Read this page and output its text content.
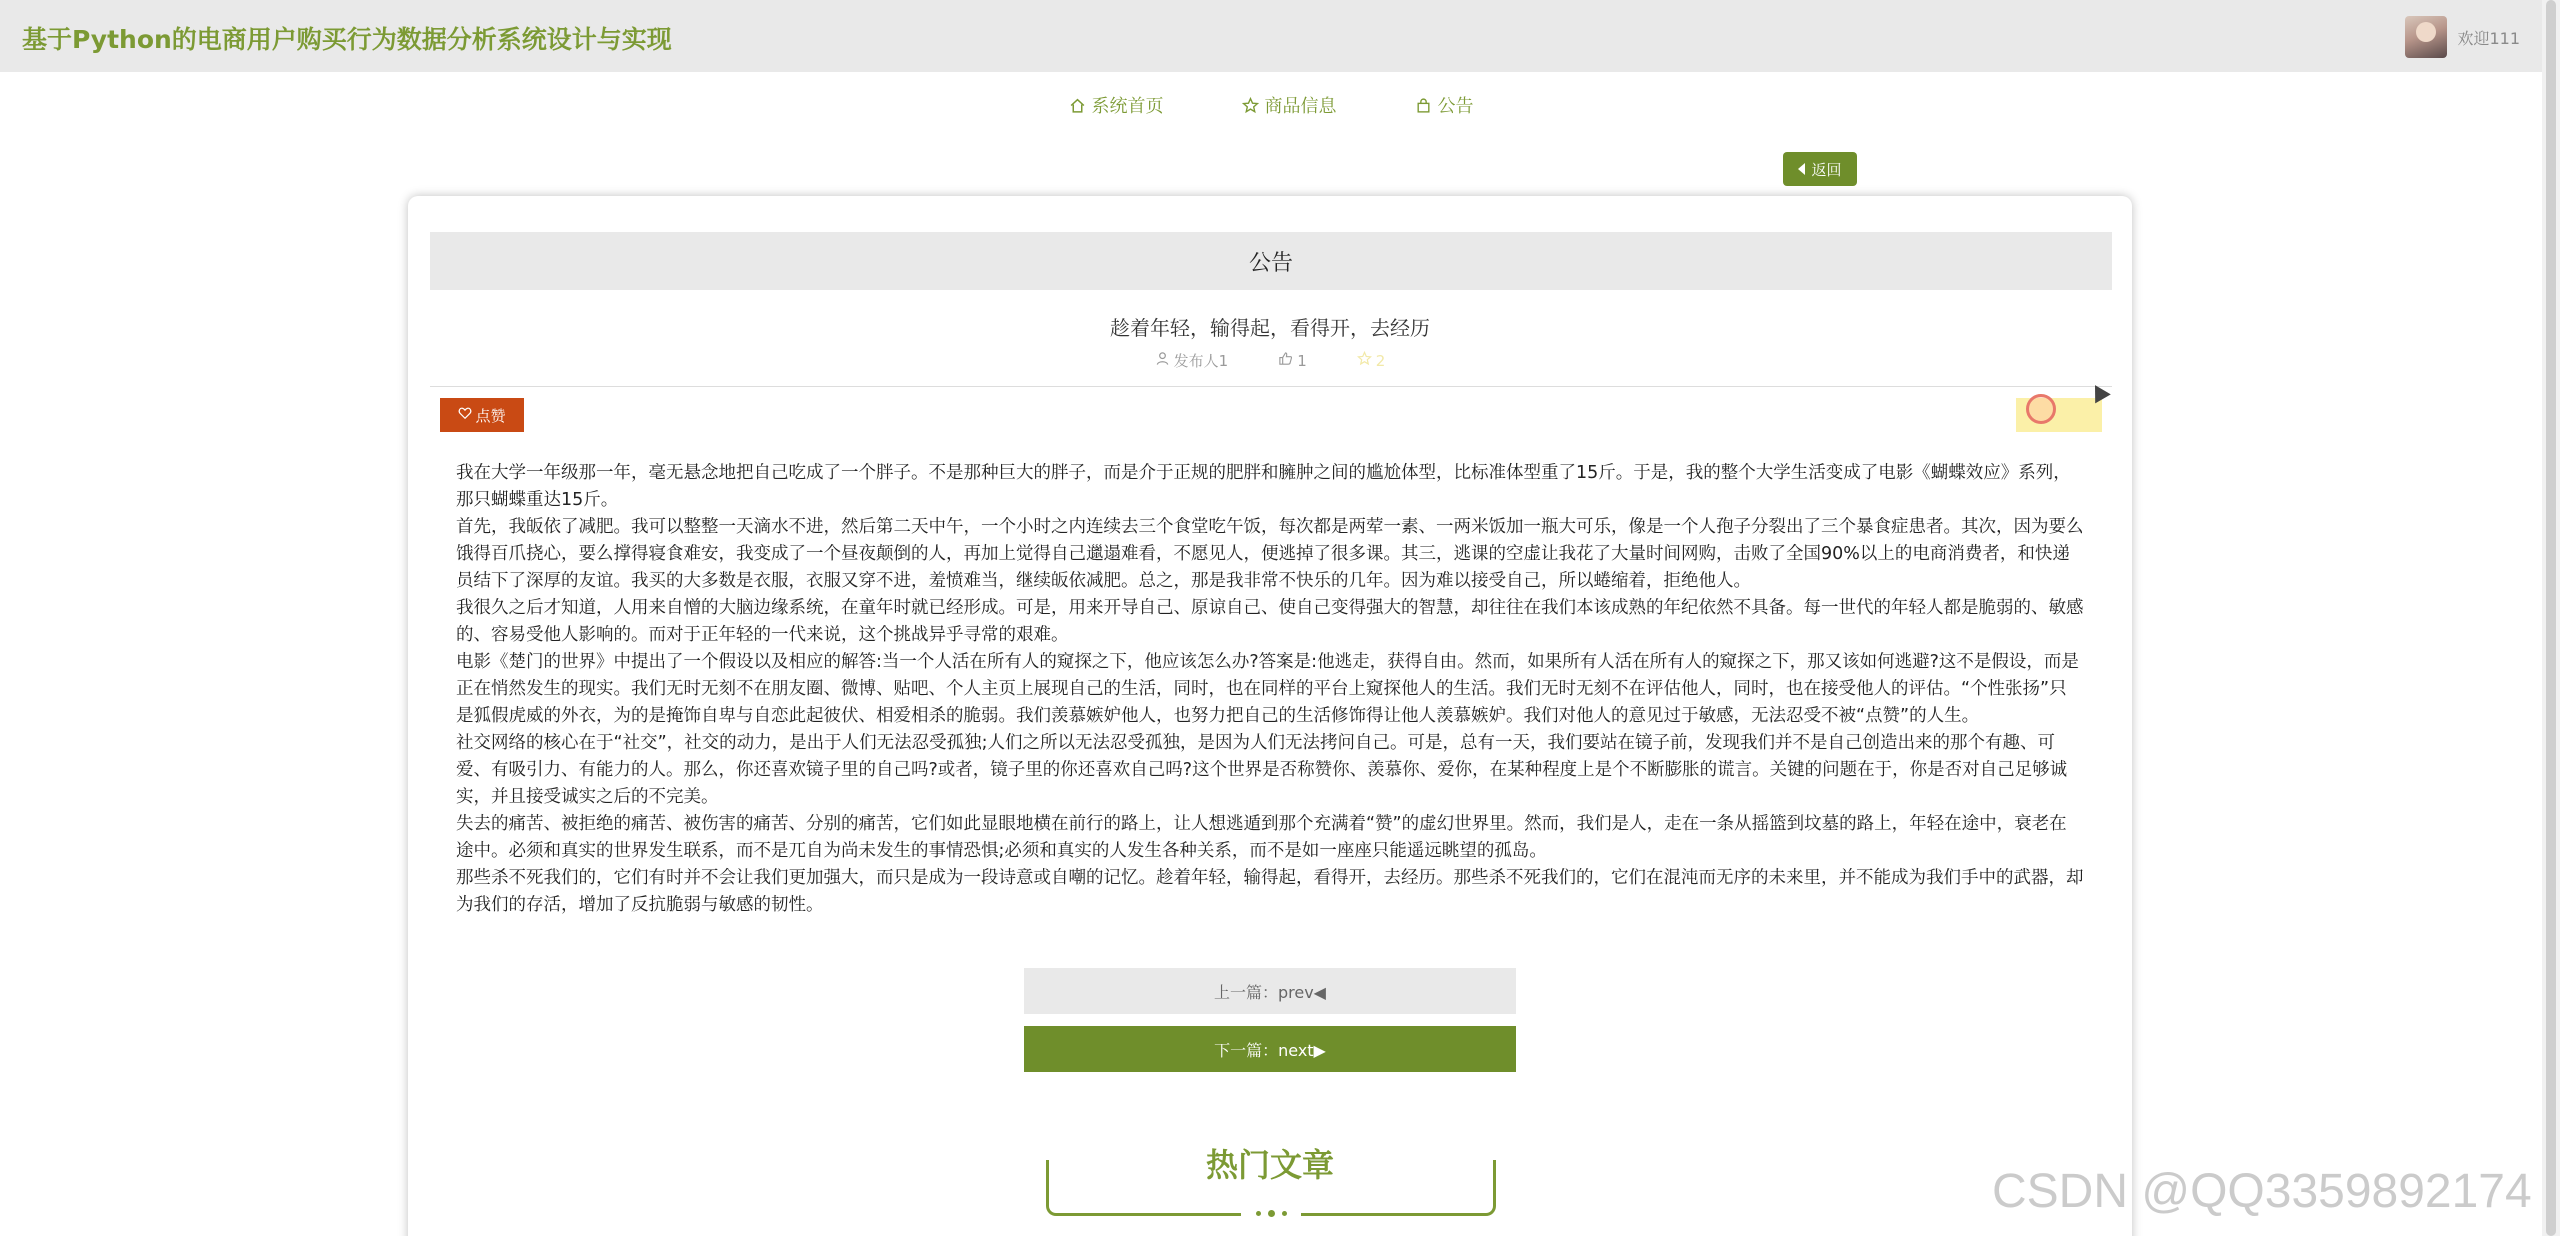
基于Python的电商用户购买行为数据分析系统设计与实现	欢迎111
系统首页	商品信息	公告
返回
公告
趁着年轻，输得起，看得开，去经历
发布人1	1	2
点赞

我在大学一年级那一年，毫无悬念地把自己吃成了一个胖子。不是那种巨大的胖子，而是介于正规的肥胖和臃肿之间的尴尬体型，比标准体型重了15斤。于是，我的整个大学生活变成了电影《蝴蝶效应》系列，那只蝴蝶重达15斤。

首先，我皈依了减肥。我可以整整一天滴水不进，然后第二天中午，一个小时之内连续去三个食堂吃午饭，每次都是两荤一素、一两米饭加一瓶大可乐，像是一个人孢子分裂出了三个暴食症患者。其次，因为要么饿得百爪挠心，要么撑得寝食难安，我变成了一个昼夜颠倒的人，再加上觉得自己邋遢难看，不愿见人，便逃掉了很多课。其三，逃课的空虚让我花了大量时间网购，击败了全国90%以上的电商消费者，和快递员结下了深厚的友谊。我买的大多数是衣服，衣服又穿不进，羞愤难当，继续皈依减肥。总之，那是我非常不快乐的几年。因为难以接受自己，所以蜷缩着，拒绝他人。

我很久之后才知道，人用来自憎的大脑边缘系统，在童年时就已经形成。可是，用来开导自己、原谅自己、使自己变得强大的智慧，却往往在我们本该成熟的年纪依然不具备。每一世代的年轻人都是脆弱的、敏感的、容易受他人影响的。而对于正年轻的一代来说，这个挑战异乎寻常的艰难。

电影《楚门的世界》中提出了一个假设以及相应的解答:当一个人活在所有人的窥探之下，他应该怎么办?答案是:他逃走，获得自由。然而，如果所有人活在所有人的窥探之下，那又该如何逃避?这不是假设，而是正在悄然发生的现实。我们无时无刻不在朋友圈、微博、贴吧、个人主页上展现自己的生活，同时，也在同样的平台上窥探他人的生活。我们无时无刻不在评估他人，同时，也在接受他人的评估。“个性张扬”只是狐假虎威的外衣，为的是掩饰自卑与自恋此起彼伏、相爱相杀的脆弱。我们羡慕嫉妒他人，也努力把自己的生活修饰得让他人羡慕嫉妒。我们对他人的意见过于敏感，无法忍受不被“点赞”的人生。

社交网络的核心在于“社交”，社交的动力，是出于人们无法忍受孤独;人们之所以无法忍受孤独，是因为人们无法拷问自己。可是，总有一天，我们要站在镜子前，发现我们并不是自己创造出来的那个有趣、可爱、有吸引力、有能力的人。那么，你还喜欢镜子里的自己吗?或者，镜子里的你还喜欢自己吗?这个世界是否称赞你、羡慕你、爱你，在某种程度上是个不断膨胀的谎言。关键的问题在于，你是否对自己足够诚实，并且接受诚实之后的不完美。

失去的痛苦、被拒绝的痛苦、被伤害的痛苦、分别的痛苦，它们如此显眼地横在前行的路上，让人想逃遁到那个充满着“赞”的虚幻世界里。然而，我们是人，走在一条从摇篮到坟墓的路上，年轻在途中，衰老在途中。必须和真实的世界发生联系，而不是兀自为尚未发生的事情恐惧;必须和真实的人发生各种关系，而不是如一座座只能遥远眺望的孤岛。

那些杀不死我们的，它们有时并不会让我们更加强大，而只是成为一段诗意或自嘲的记忆。趁着年轻，输得起，看得开，去经历。那些杀不死我们的，它们在混沌而无序的未来里，并不能成为我们手中的武器，却为我们的存活，增加了反抗脆弱与敏感的韧性。

上一篇：prev◀
下一篇：next▶
热门文章	CSDN @QQ3359892174
